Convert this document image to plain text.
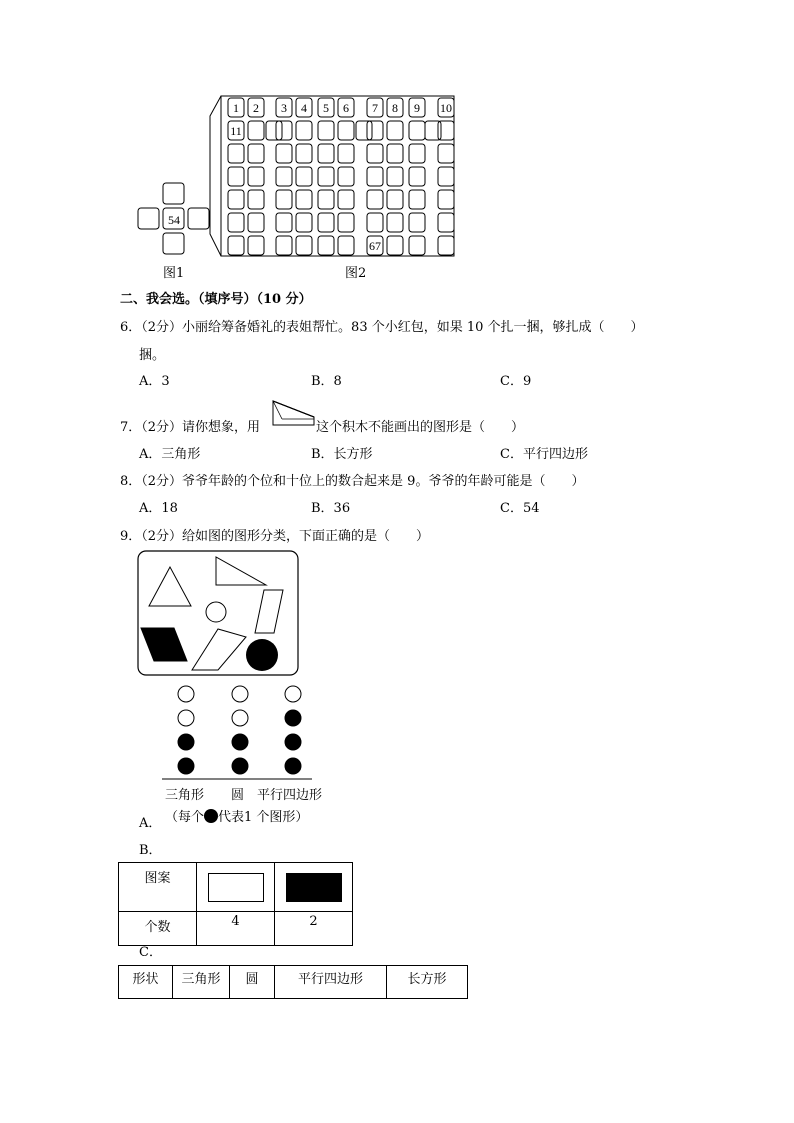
54
1 2 3 4 5 6 7 8 9 10
11
67
图1	图2
二、我会选。（填序号）（10 分）
6．（2分）小丽给筹备婚礼的表姐帮忙。83 个小红包，如果 10 个扎一捆，够扎成（　　）
捆。
A．3	B．8	C．9
7．（2分）请你想象，用	这个积木不能画出的图形是（　　）
A．三角形	B．长方形	C．平行四边形
8．（2分）爷爷年龄的个位和十位上的数合起来是 9。爷爷的年龄可能是（　　）
A．18	B．36	C．54
9．（2分）给如图的图形分类，下面正确的是（　　）
三角形 圆 平行四边形
A． （每个 代表1 个图形）
B．
图案	

个数	4	2
C．
形状	三角形	圆	平行四边形	长方形
